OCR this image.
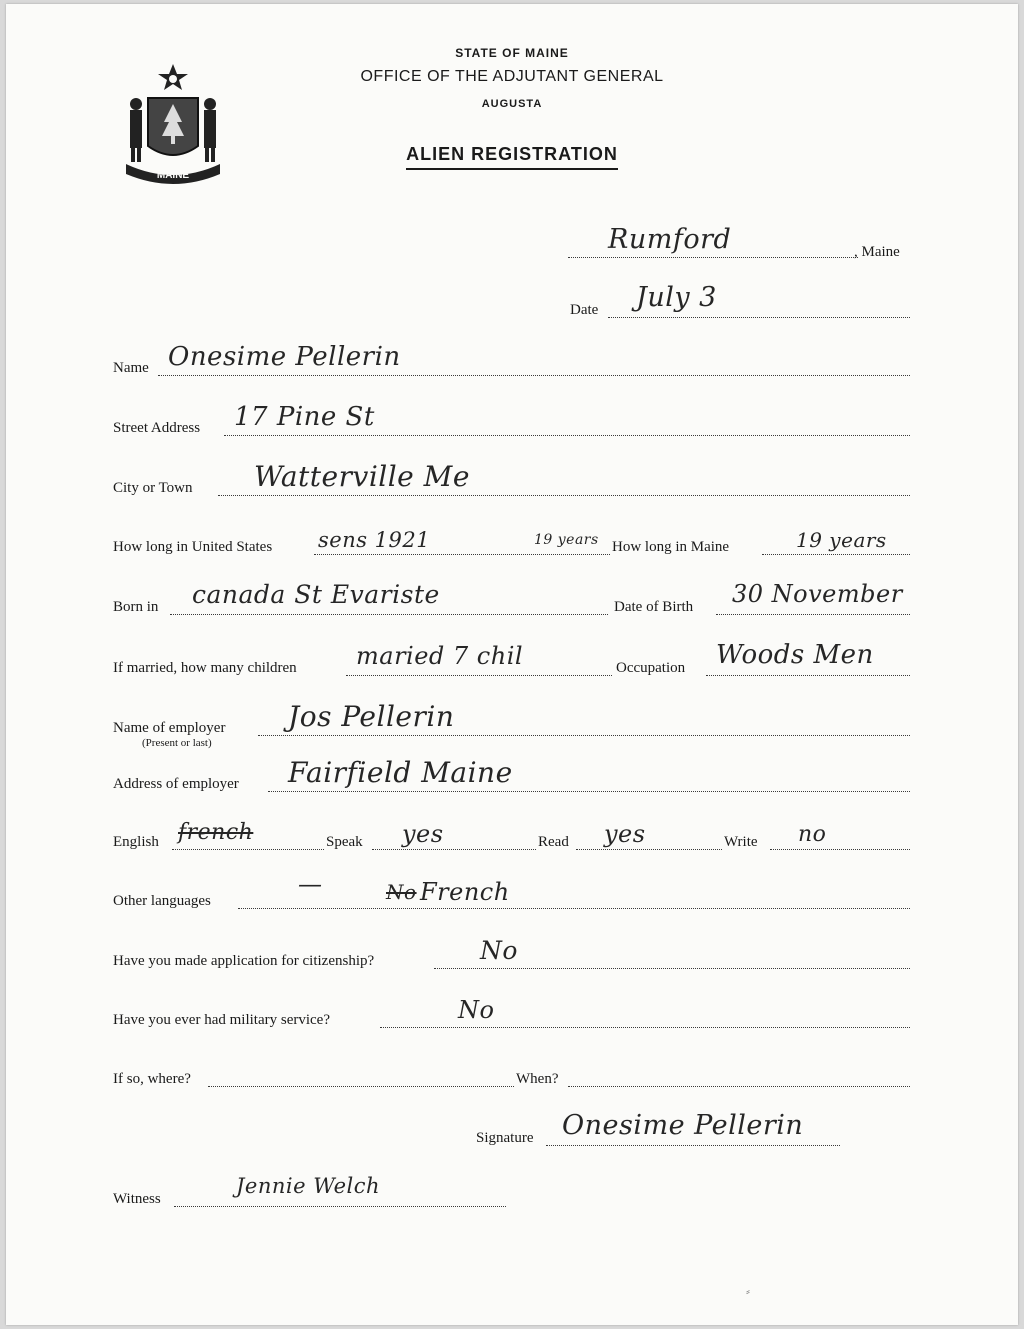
MAINE
STATE OF MAINE
OFFICE OF THE ADJUTANT GENERAL
AUGUSTA
ALIEN REGISTRATION
Rumford	, Maine
Date July 3
Name Onesime Pellerin
Street Address 17 Pine St
City or Town Watterville Me
How long in United States sens 1921	19 years How long in Maine	19 years
Born in canada St Evariste	Date of Birth 30 November
If married, how many children maried 7 chil	Occupation Woods Men
Name of employer
(Present or last)
Jos Pellerin
Address of employer Fairfield Maine
English french	Speak yes	Read yes	Write no
Other languages
—	No French
Have you made application for citizenship?	No
Have you ever had military service?	No
If so, where?	When?
Signature Onesime Pellerin
Witness
Jennie Welch
⸗
